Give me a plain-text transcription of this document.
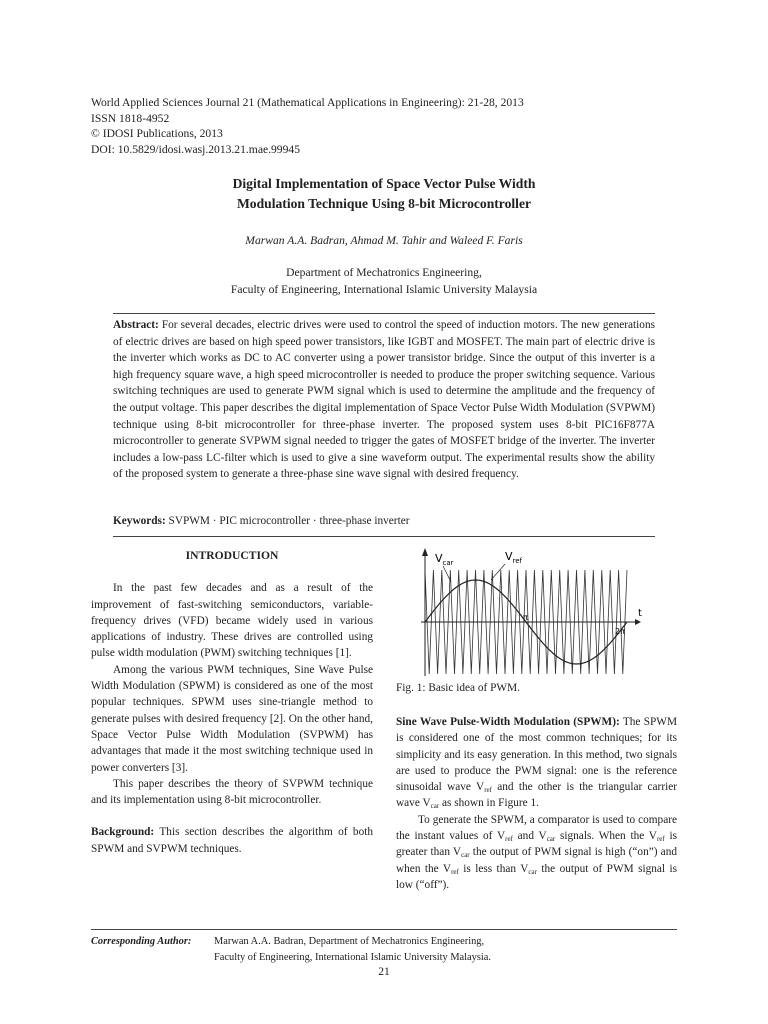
World Applied Sciences Journal 21 (Mathematical Applications in Engineering): 21-28, 2013
ISSN 1818-4952
© IDOSI Publications, 2013
DOI: 10.5829/idosi.wasj.2013.21.mae.99945
Digital Implementation of Space Vector Pulse Width
Modulation Technique Using 8-bit Microcontroller
Marwan A.A. Badran, Ahmad M. Tahir and Waleed F. Faris
Department of Mechatronics Engineering,
Faculty of Engineering, International Islamic University Malaysia
Abstract: For several decades, electric drives were used to control the speed of induction motors. The new generations of electric drives are based on high speed power transistors, like IGBT and MOSFET. The main part of electric drive is the inverter which works as DC to AC converter using a power transistor bridge. Since the output of this inverter is a high frequency square wave, a high speed microcontroller is needed to produce the proper switching sequence. Various switching techniques are used to generate PWM signal which is used to determine the amplitude and the frequency of the output voltage. This paper describes the digital implementation of Space Vector Pulse Width Modulation (SVPWM) technique using 8-bit microcontroller for three-phase inverter. The proposed system uses 8-bit PIC16F877A microcontroller to generate SVPWM signal needed to trigger the gates of MOSFET bridge of the inverter. The inverter includes a low-pass LC-filter which is used to give a sine waveform output. The experimental results show the ability of the proposed system to generate a three-phase sine wave signal with desired frequency.
Keywords: SVPWM · PIC microcontroller · three-phase inverter

INTRODUCTION

In the past few decades and as a result of the improvement of fast-switching semiconductors, variable-frequency drives (VFD) became widely used in various applications of industry. These drives are controlled using pulse width modulation (PWM) switching techniques [1].

Among the various PWM techniques, Sine Wave Pulse Width Modulation (SPWM) is considered as one of the most popular techniques. SPWM uses sine-triangle method to generate pulses with desired frequency [2]. On the other hand, Space Vector Pulse Width Modulation (SVPWM) has advantages that made it the most switching technique used in power converters [3].

This paper describes the theory of SVPWM technique and its implementation using 8-bit microcontroller.

Background: This section describes the algorithm of both SPWM and SVPWM techniques.

$V_{car}$	$V_{ref}$
t
π
2π
Fig. 1: Basic idea of PWM.

Sine Wave Pulse-Width Modulation (SPWM): The SPWM is considered one of the most common techniques; for its simplicity and its easy generation. In this method, two signals are used to produce the PWM signal: one is the reference sinusoidal wave $V_{ref}$ and the other is the triangular carrier wave $V_{car}$ as shown in Figure 1.

To generate the SPWM, a comparator is used to compare the instant values of $V_{ref}$ and $V_{car}$ signals. When the $V_{ref}$ is greater than $V_{car}$ the output of PWM signal is high (“on”) and when the $V_{ref}$ is less than $V_{car}$ the output of PWM signal is low (“off”).

Corresponding Author: Marwan A.A. Badran, Department of Mechatronics Engineering,
Faculty of Engineering, International Islamic University Malaysia.
21
